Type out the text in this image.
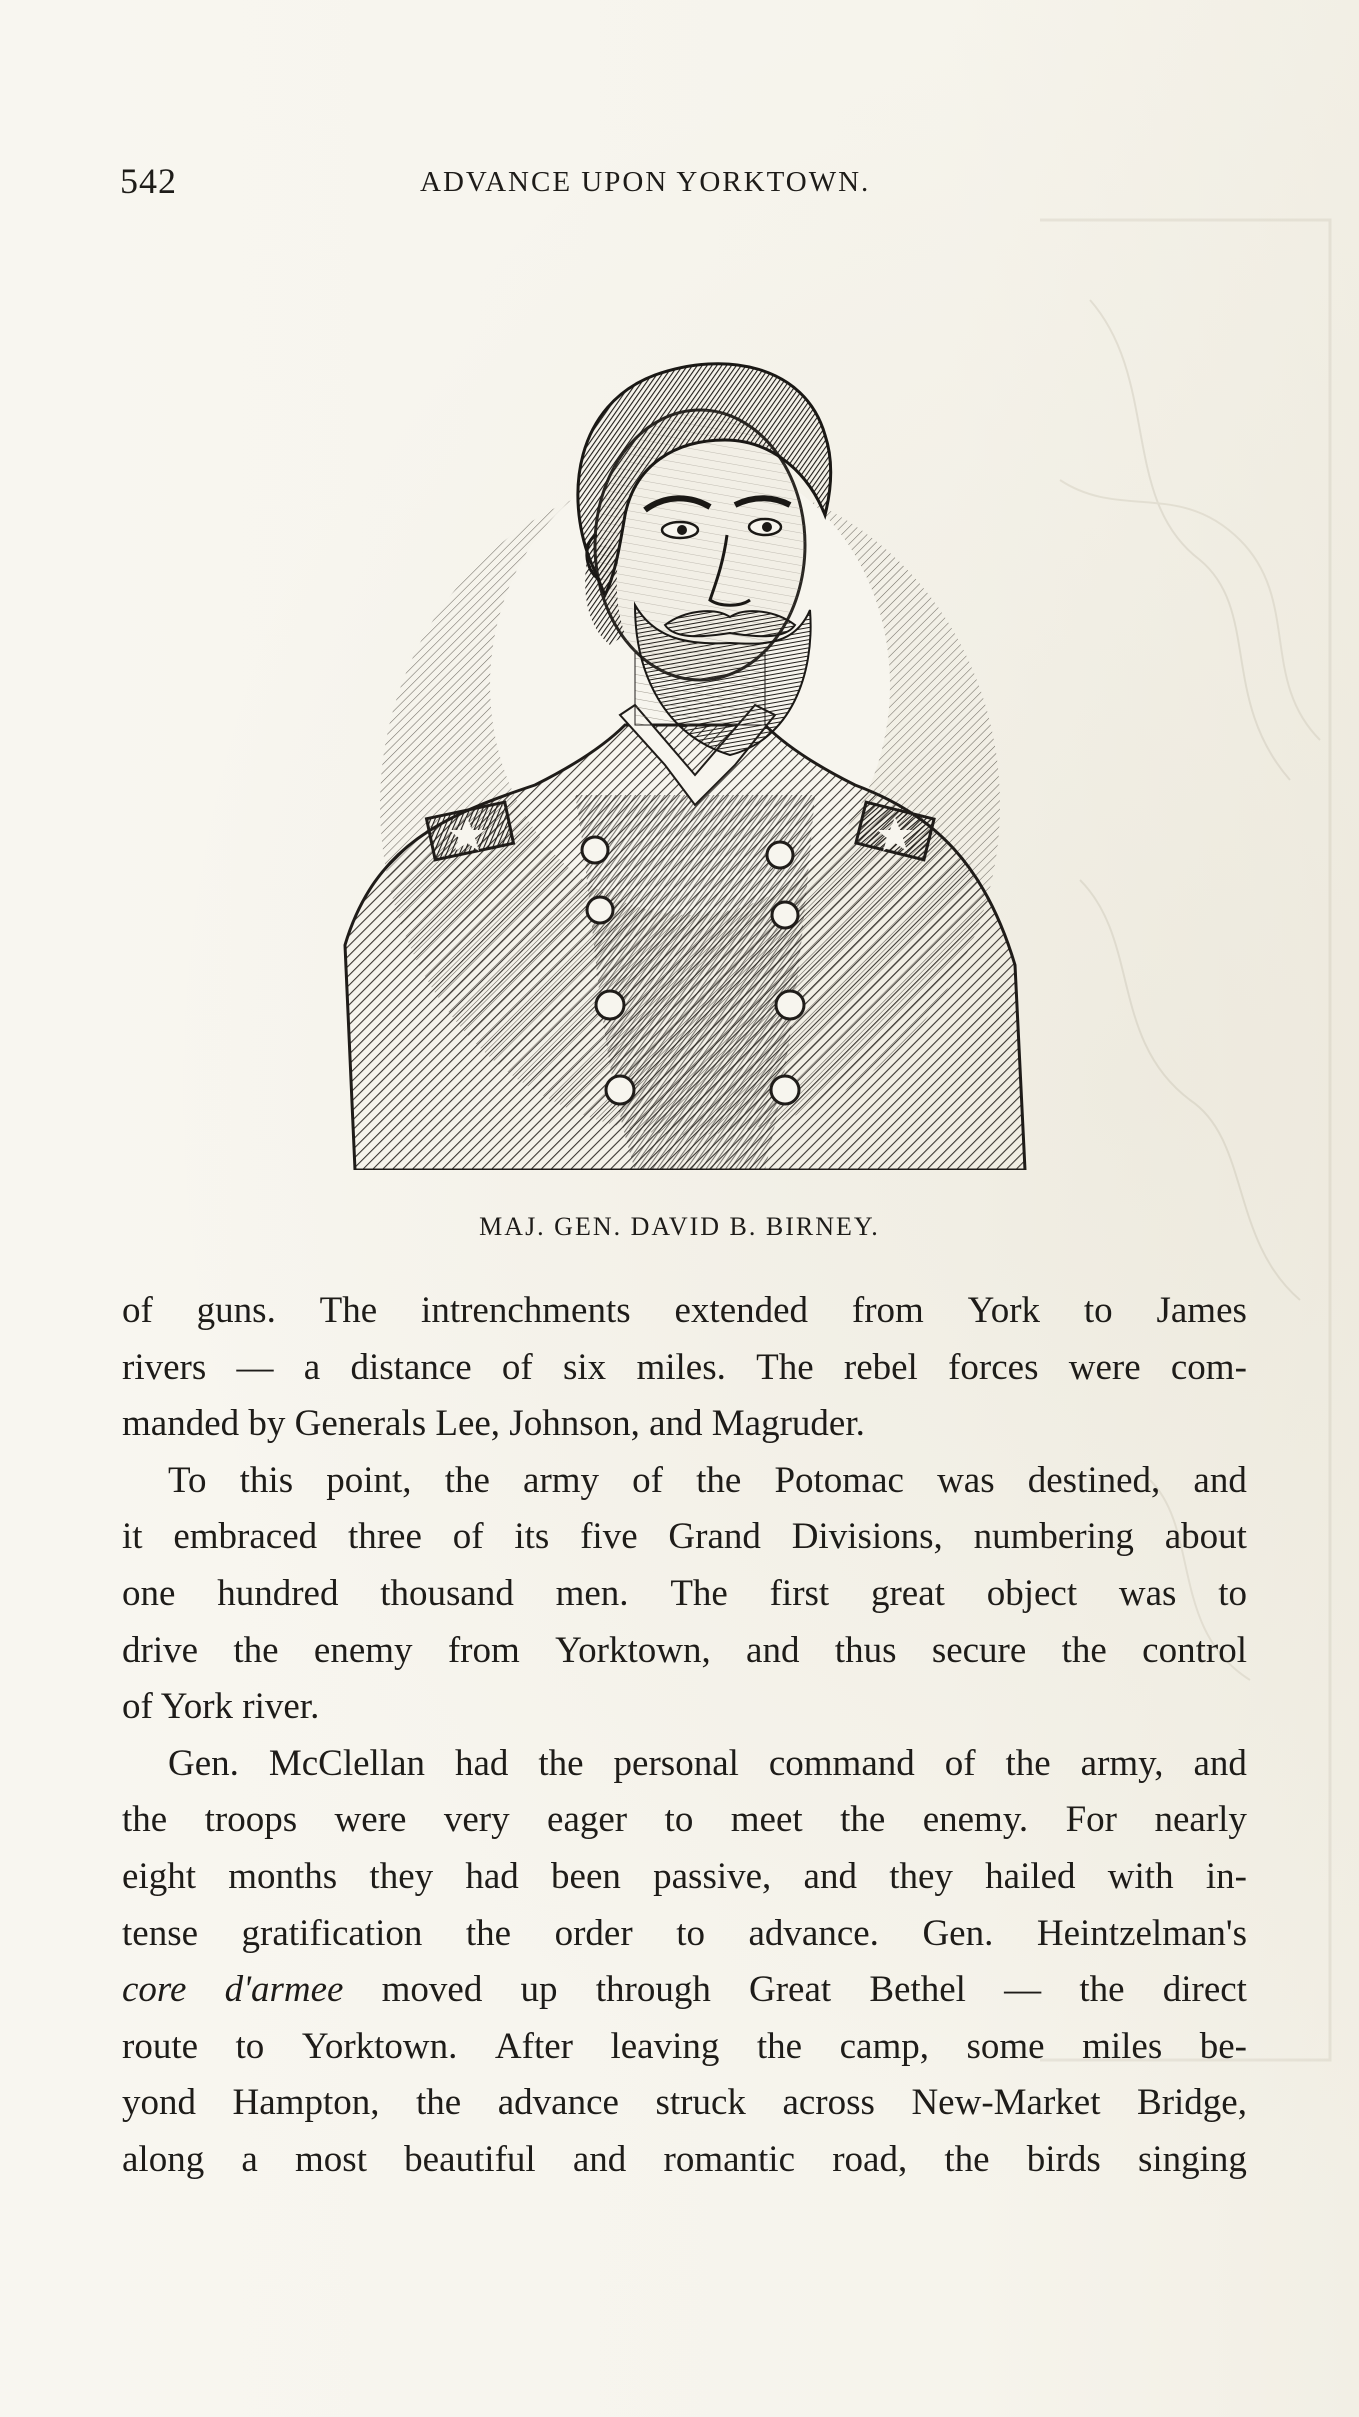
542	ADVANCE UPON YORKTOWN.
MAJ. GEN. DAVID B. BIRNEY.
of guns. The intrenchments extended from York to James
rivers — a distance of six miles. The rebel forces were com-
manded by Generals Lee, Johnson, and Magruder.
To this point, the army of the Potomac was destined, and
it embraced three of its five Grand Divisions, numbering about
one hundred thousand men. The first great object was to
drive the enemy from Yorktown, and thus secure the control
of York river.
Gen. McClellan had the personal command of the army, and
the troops were very eager to meet the enemy. For nearly
eight months they had been passive, and they hailed with in-
tense gratification the order to advance. Gen. Heintzelman's
core d'armee moved up through Great Bethel — the direct
route to Yorktown. After leaving the camp, some miles be-
yond Hampton, the advance struck across New-Market Bridge,
along a most beautiful and romantic road, the birds singing
